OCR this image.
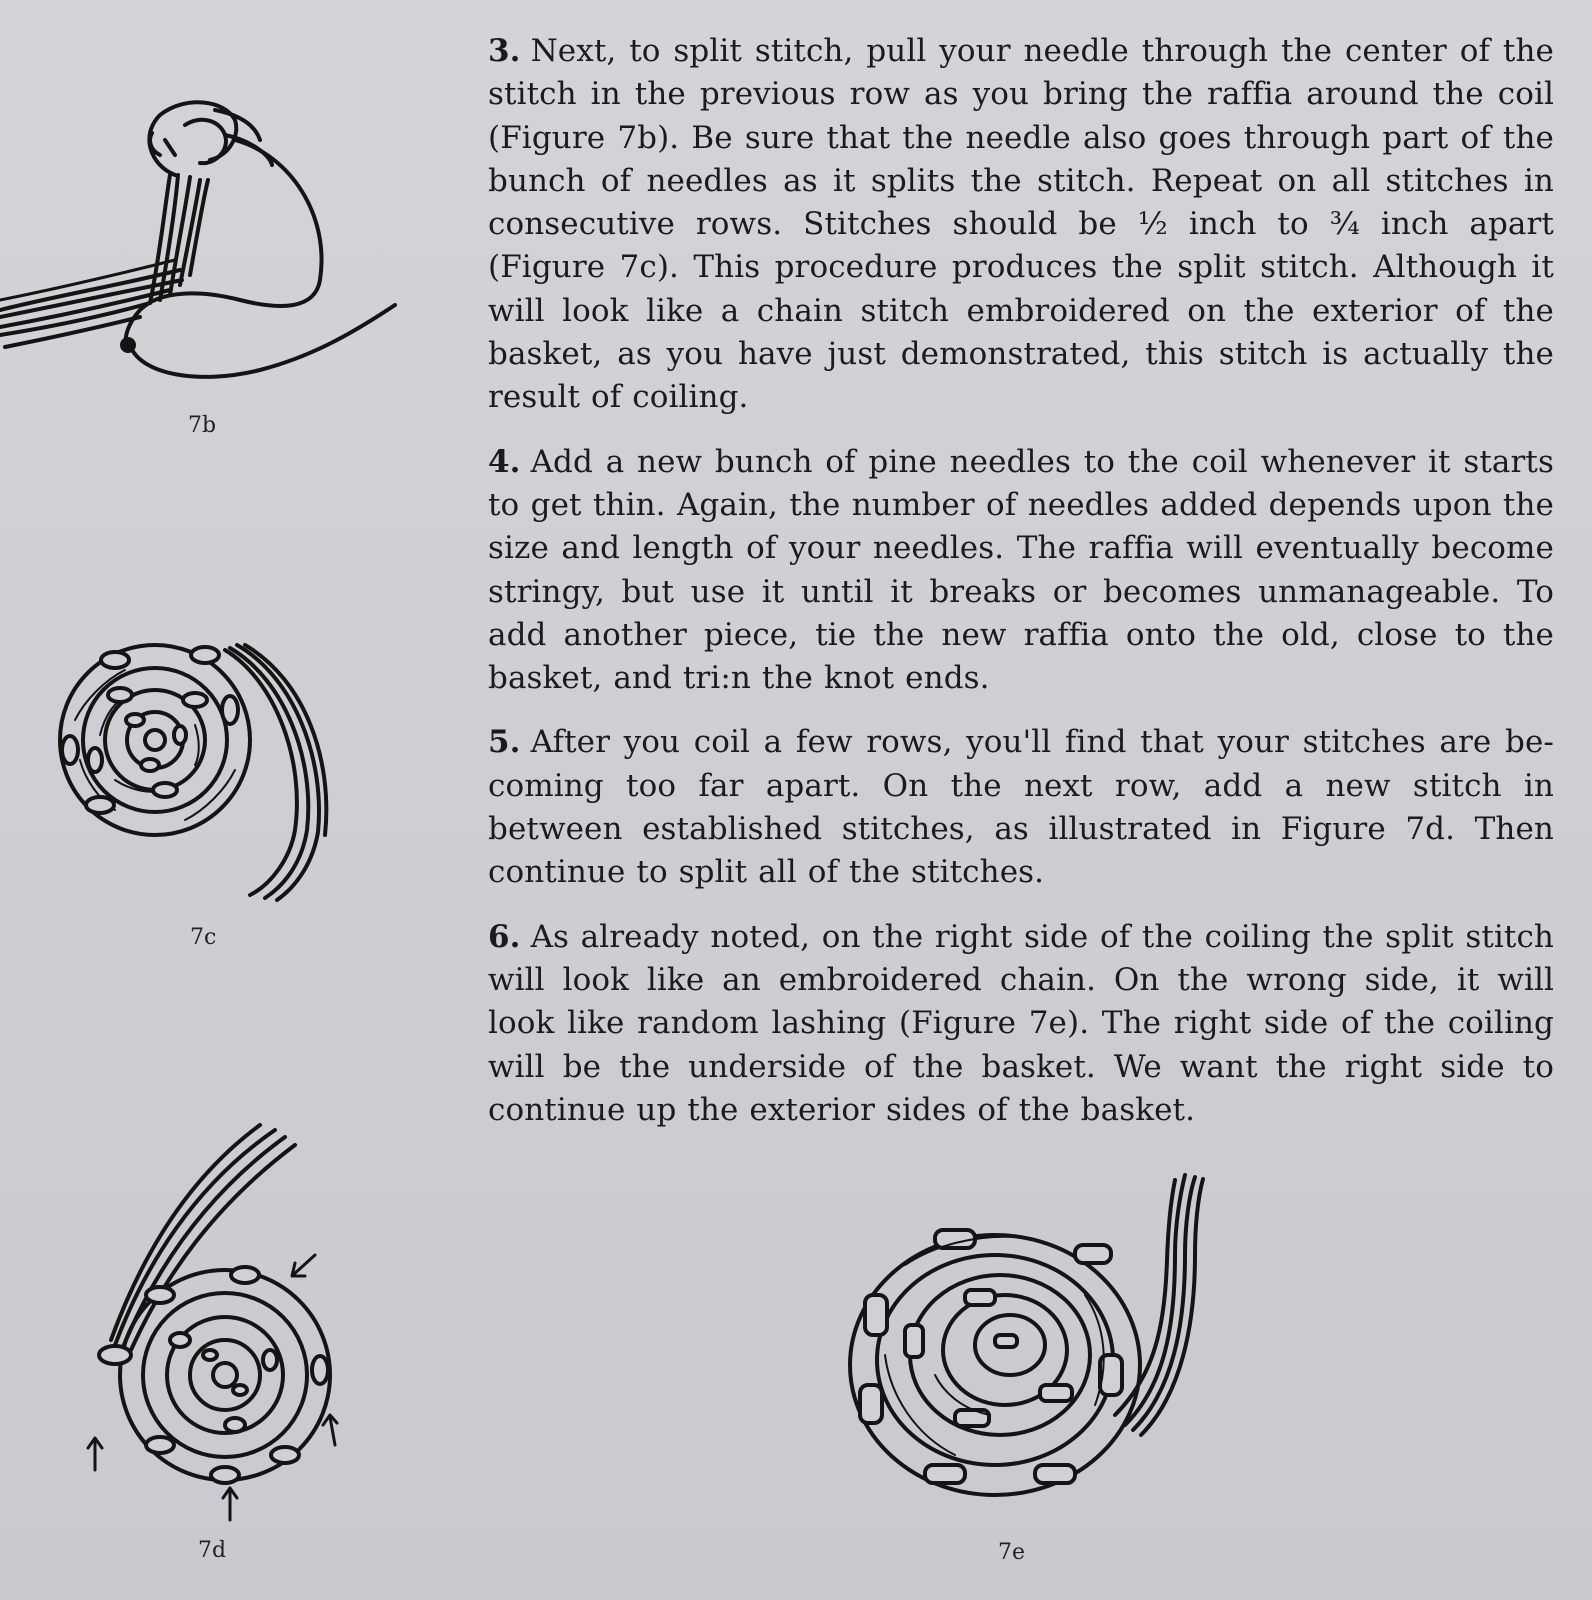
7b
7c
7d	7e

3. Next, to split stitch, pull your needle through the center of the stitch in the previous row as you bring the raffia around the coil (Figure 7b). Be sure that the needle also goes through part of the bunch of needles as it splits the stitch. Repeat on all stitches in consecutive rows. Stitches should be ½ inch to ¾ inch apart (Figure 7c). This procedure produces the split stitch. Although it will look like a chain stitch embroidered on the exterior of the basket, as you have just demonstrated, this stitch is actually the result of coiling.

4. Add a new bunch of pine needles to the coil whenever it starts to get thin. Again, the number of needles added depends upon the size and length of your needles. The raffia will eventually become stringy, but use it until it breaks or becomes unmanageable. To add another piece, tie the new raffia onto the old, close to the basket, and tri:n the knot ends.

5. After you coil a few rows, you'll find that your stitches are be-coming too far apart. On the next row, add a new stitch in between established stitches, as illustrated in Figure 7d. Then continue to split all of the stitches.

6. As already noted, on the right side of the coiling the split stitch will look like an embroidered chain. On the wrong side, it will look like random lashing (Figure 7e). The right side of the coiling will be the underside of the basket. We want the right side to continue up the exterior sides of the basket.
